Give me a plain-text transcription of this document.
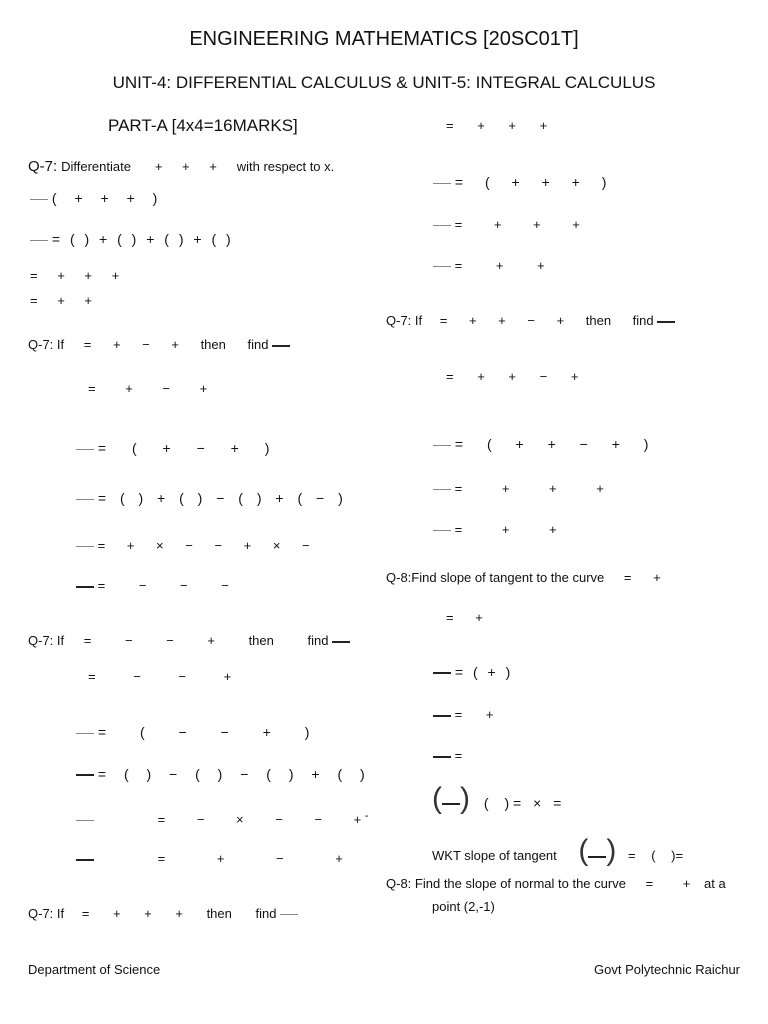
ENGINEERING MATHEMATICS [20SC01T]
UNIT-4: DIFFERENTIAL CALCULUS & UNIT-5: INTEGRAL CALCULUS
PART-A [4x4=16MARKS]
Q-7: Differentiate + + + with respect to x.
( + + + )
= ( ) + ( ) + ( ) + ( )
= + + +
= + +
Q-7: If = + − + then find
= + − +
= ( + − + )
= ( ) + ( ) − ( ) + ( − )
= + × − − + × −
= − − −
Q-7: If = − − + then find
= − − +
= ( − − + )
= ( ) − ( ) − ( ) + ( )
= − × − − + -
= + − +
Q-7: If = + + + then find
= + + +
= ( + + + )
= + + +
= + +
Q-7: If = + + − + then find
= + + − +
= ( + + − + )
= + + +
= + +
Q-8:Find slope of tangent to the curve = +
= +
= ( + )
= +
=
( ) ( ) = × =
WKT slope of tangent ( ) = ( )=
Q-8: Find the slope of normal to the curve = + at a
point (2,-1)
Department of Science	Govt Polytechnic Raichur
